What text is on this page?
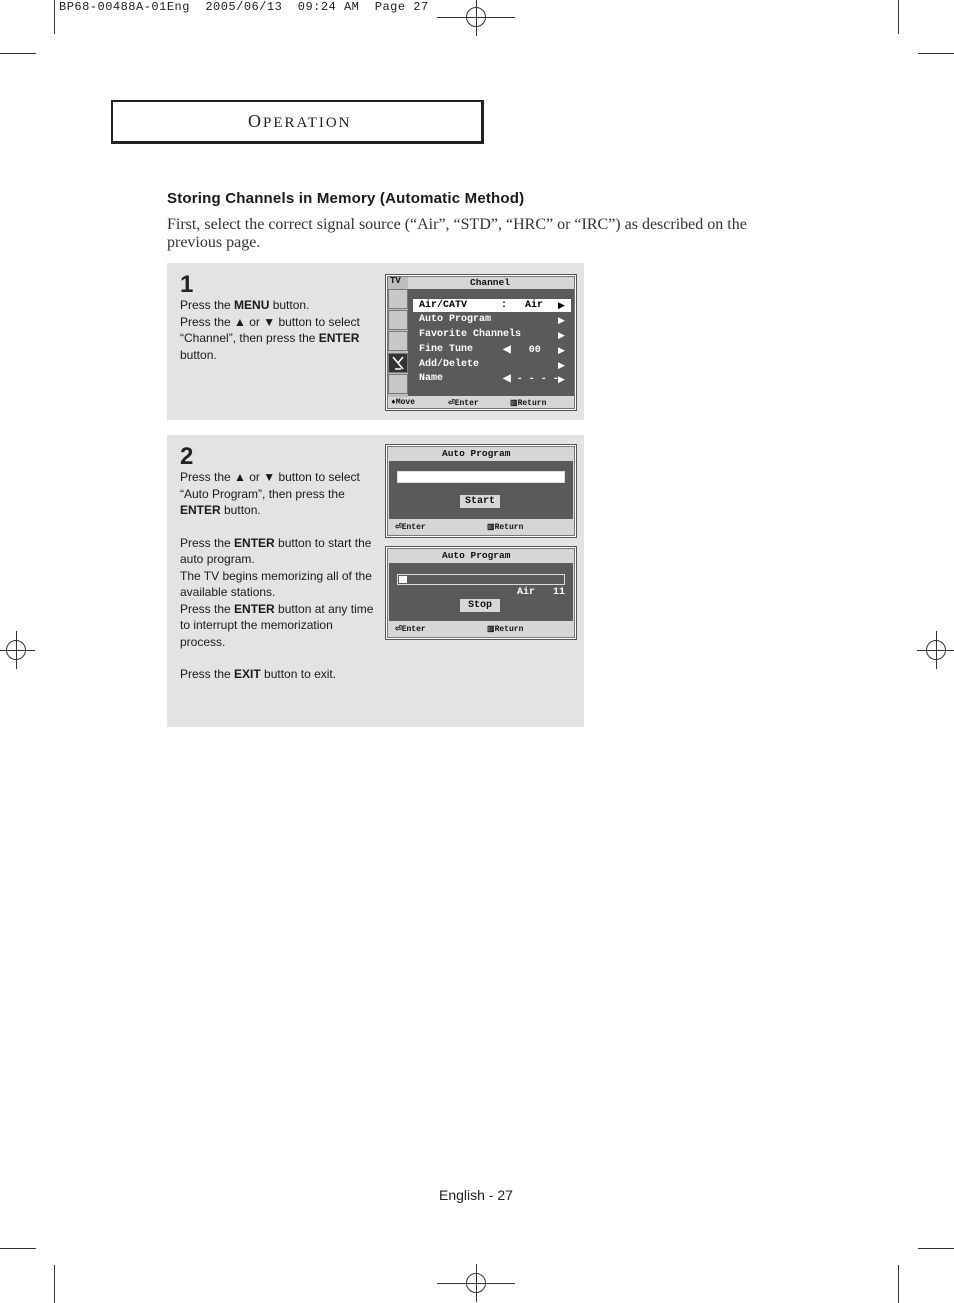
BP68-00488A-01Eng  2005/06/13  09:24 AM  Page 27
OPERATION
Storing Channels in Memory (Automatic Method)
First, select the correct signal source (“Air”, “STD”, “HRC” or “IRC”) as described on the previous page.
1

Press the MENU button.

Press the ▲ or ▼ button to select “Channel”, then press the ENTER button.

TV	Channel
Air/CATV	:   Air ▶
Auto Program	▶
Favorite Channels	▶
Fine Tune	◀   00 ▶
Add/Delete	▶
Name	◀ - - - - ▶
♦Move	⏎Enter	▥Return
2

Press the ▲ or ▼ button to select “Auto Program”, then press the ENTER button.

Press the ENTER button to start the auto program.

The TV begins memorizing all of the available stations.

Press the ENTER button at any time to interrupt the memorization process.

Press the EXIT button to exit.

Auto Program
Start
⏎Enter	▥Return
Auto Program
Air   11
Stop
⏎Enter	▥Return
English - 27
